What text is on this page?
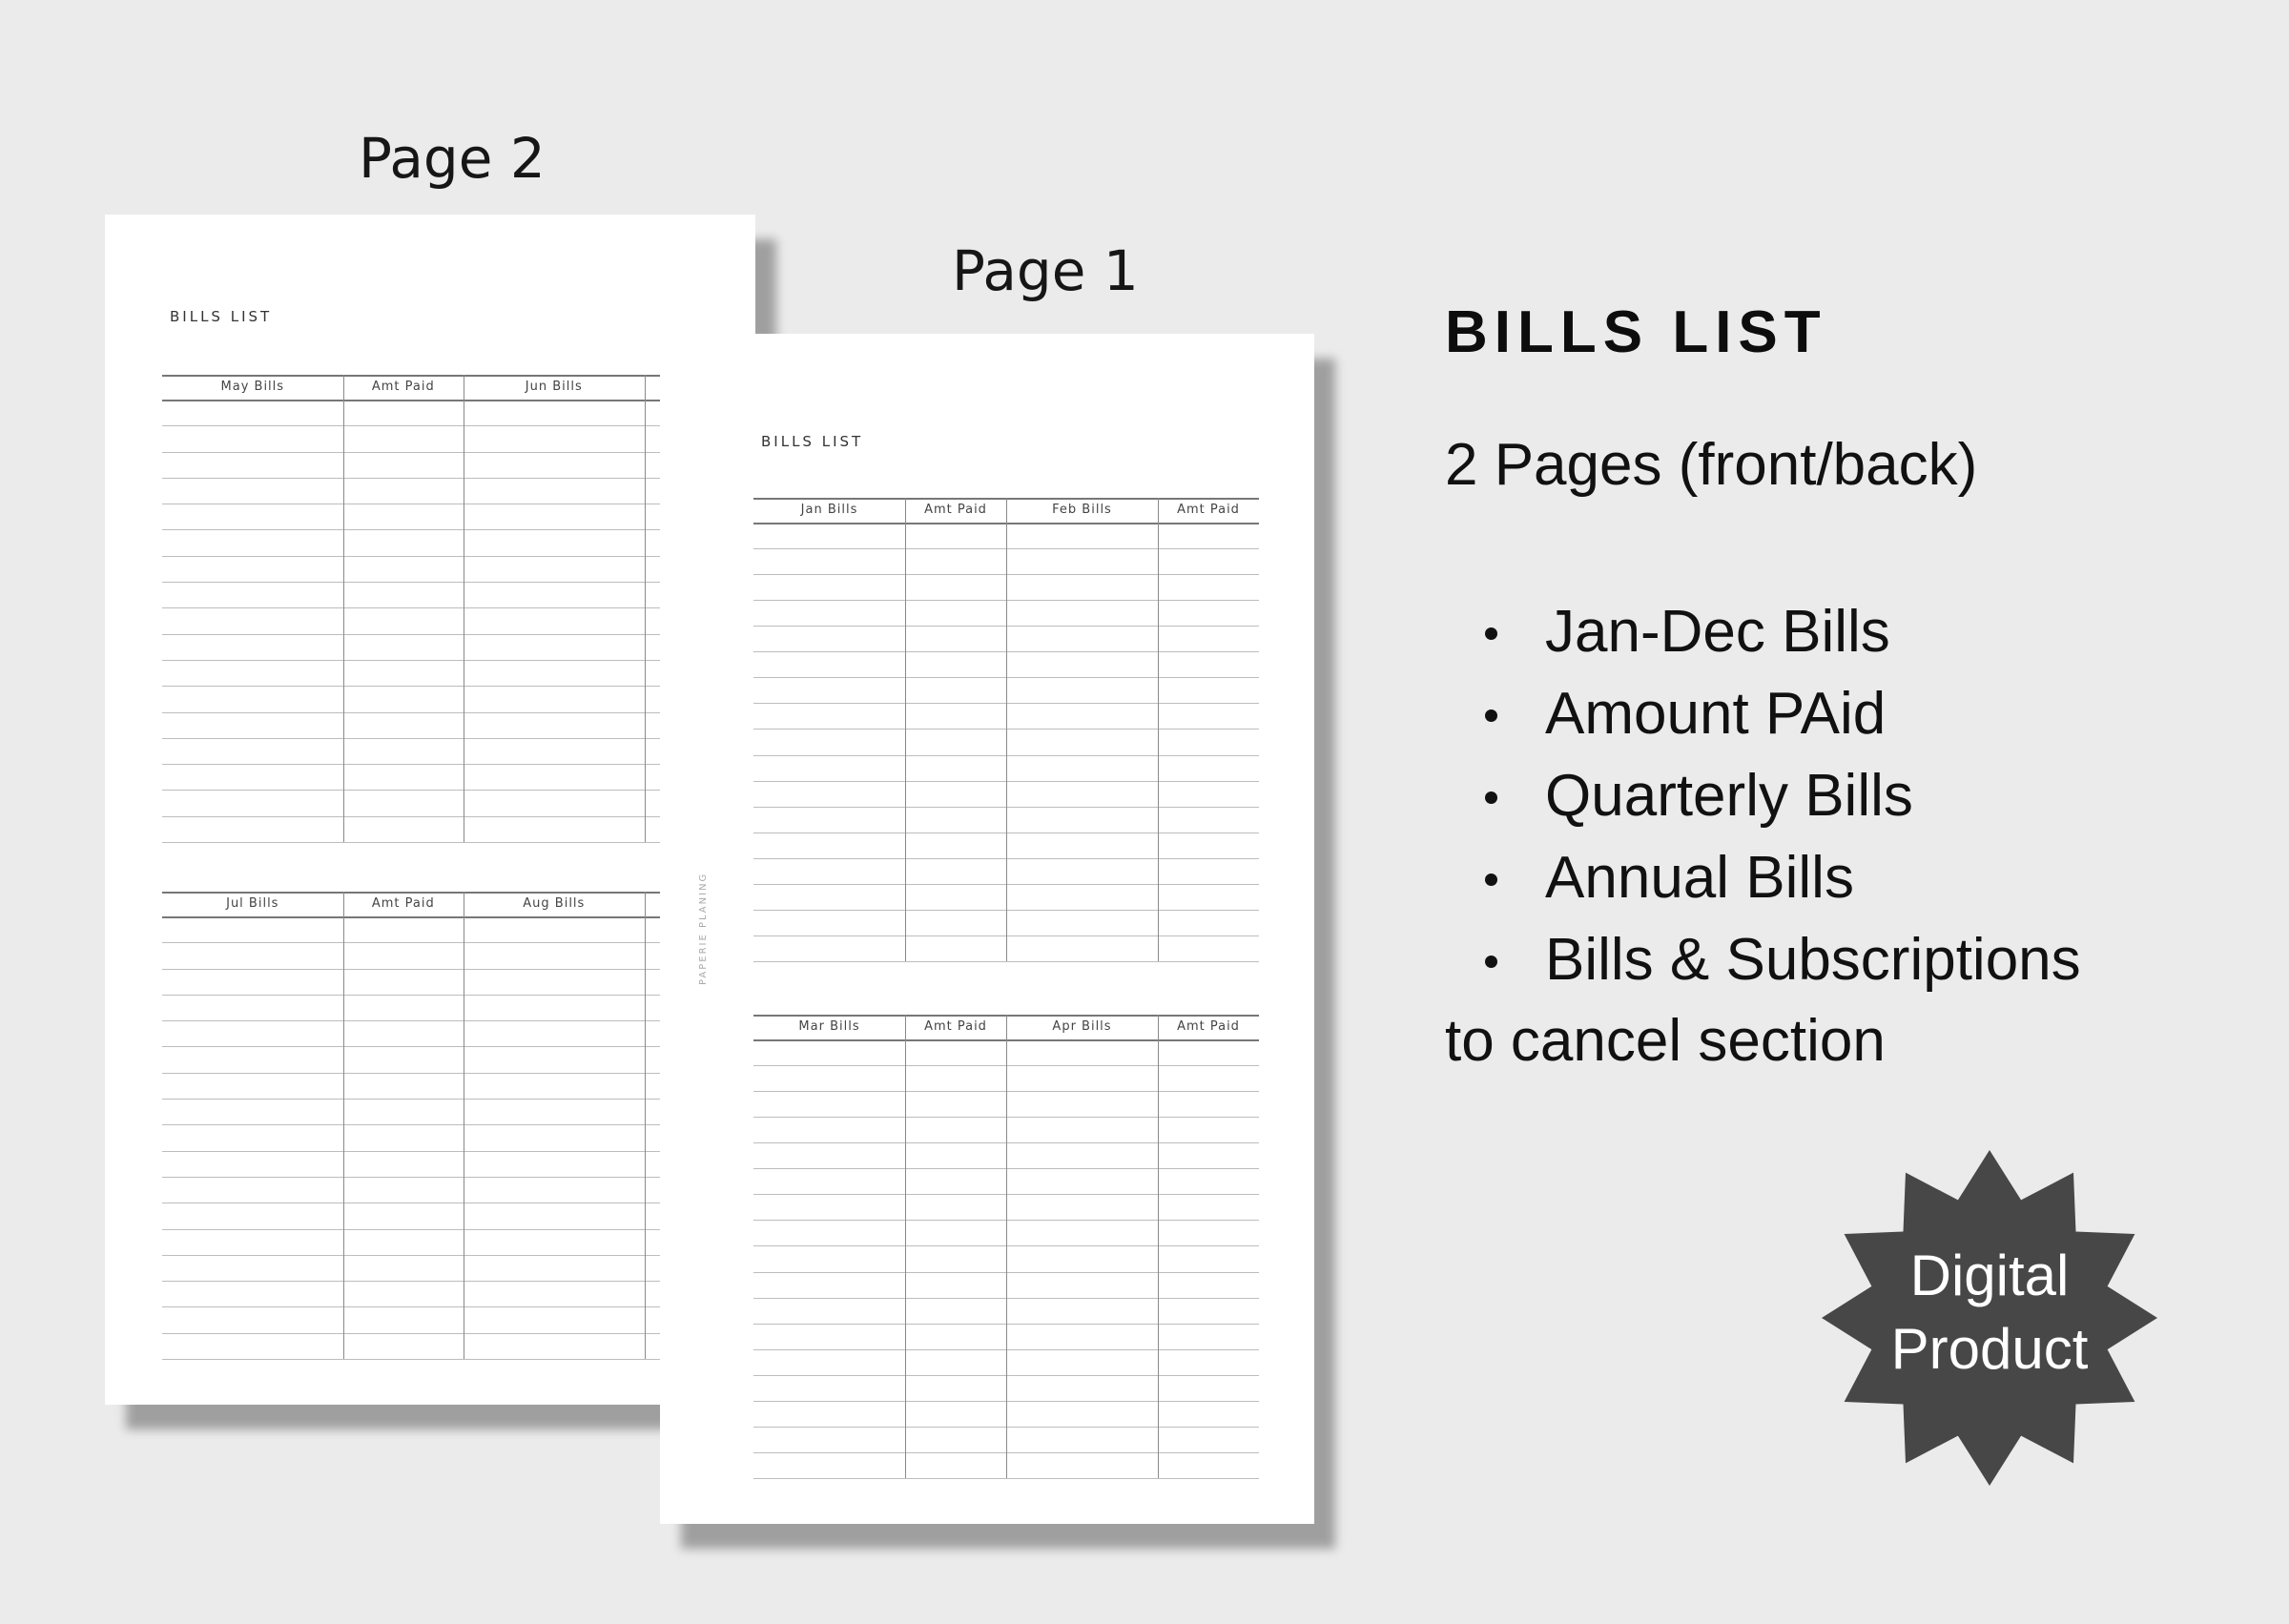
Page 2
Page 1
BILLS LIST
May Bills	Amt Paid	Jun Bills
Jul Bills	Amt Paid	Aug Bills	PAPERIE PLANING
BILLS LIST
Jan Bills	Amt Paid	Feb Bills	Amt Paid
Mar Bills	Amt Paid	Apr Bills	Amt Paid
BILLS LIST
2 Pages (front/back)
Jan-Dec Bills
Amount PAid
Quarterly Bills
Annual Bills
Bills & Subscriptions
to cancel section
Digital
Product
